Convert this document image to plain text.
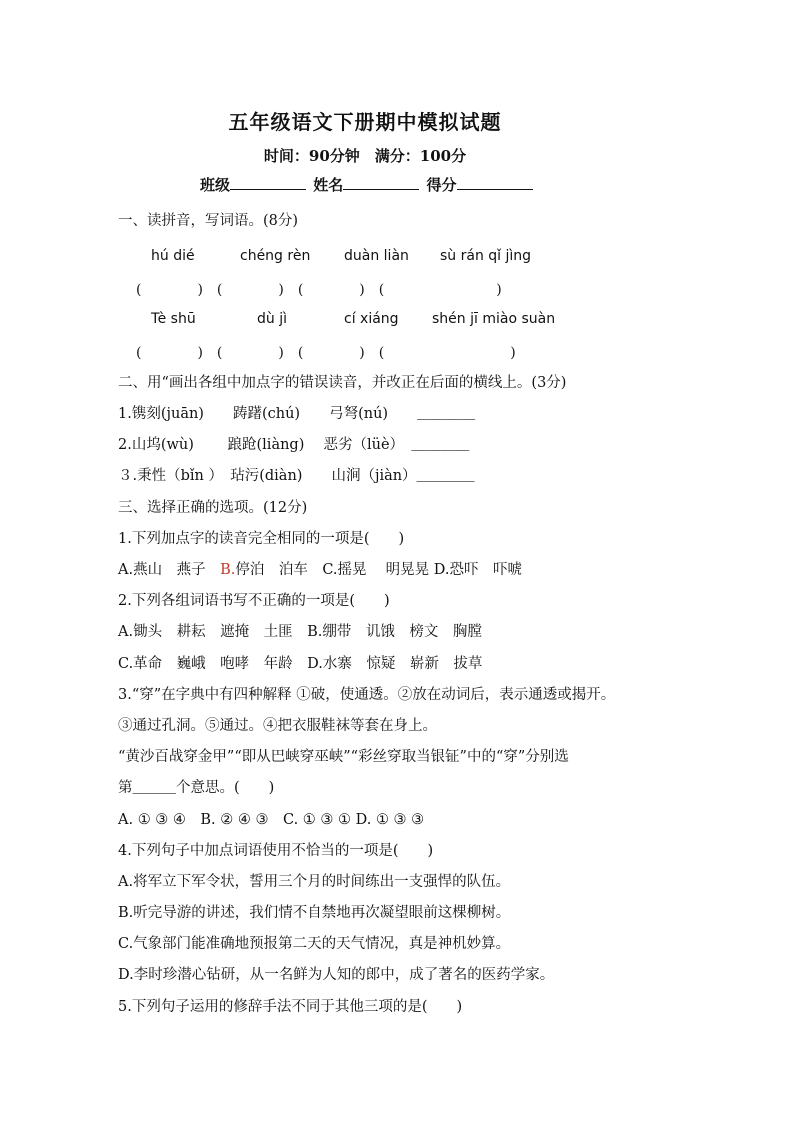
五年级语文下册期中模拟试题
时间：90分钟　满分：100分
班级	姓名	得分
一、读拼音，写词语。(8分)
hú dié	chéng rèn duàn liàn sù rán qǐ jìng
(　　　　)　(　　　　)　(　　　　)　(　　　　　　　　)
Tè shū	dù jì	cí xiáng shén jī miào suàn
(　　　　)　(　　　　)　(　　　　)　(　　　　　　　　　)
二、用“画出各组中加点字的错误读音，并改正在后面的横线上。(3分)
1.镌刻(juān)　　踌躇(chú)　　弓弩(nú)　　＿＿＿＿
2.山坞(wù)　　 踉跄(liàng)　 恶劣（lüè）　＿＿＿＿
３.秉性（bǐn ）　玷污(diàn)　　山涧（jiàn）＿＿＿＿
三、选择正确的选项。(12分)
1.下列加点字的读音完全相同的一项是(　　)
A.燕山　燕子　B.停泊　泊车　C.摇晃　 明晃晃 D.恐吓　吓唬
2.下列各组词语书写不正确的一项是(　　)
A.锄头　耕耘　遮掩　土匪　B.绷带　讥饿　榜文　胸膛
C.革命　巍峨　咆哮　年龄　D.水寨　惊疑　崭新　拔草
3.“穿”在字典中有四种解释 ①破，使通透。②放在动词后，表示通透或揭开。
③通过孔洞。⑤通过。④把衣服鞋袜等套在身上。
“黄沙百战穿金甲”“即从巴峡穿巫峡”“彩丝穿取当银钲”中的“穿”分别选
第＿＿＿个意思。(　　)
A. ① ③ ④　B. ② ④ ③　C. ① ③ ① D. ① ③ ③
4.下列句子中加点词语使用不恰当的一项是(　　)
A.将军立下军令状，誓用三个月的时间练出一支强悍的队伍。
B.听完导游的讲述，我们情不自禁地再次凝望眼前这棵柳树。
C.气象部门能准确地预报第二天的天气情况，真是神机妙算。
D.李时珍潜心钻研，从一名鲜为人知的郎中，成了著名的医药学家。
5.下列句子运用的修辞手法不同于其他三项的是(　　)
